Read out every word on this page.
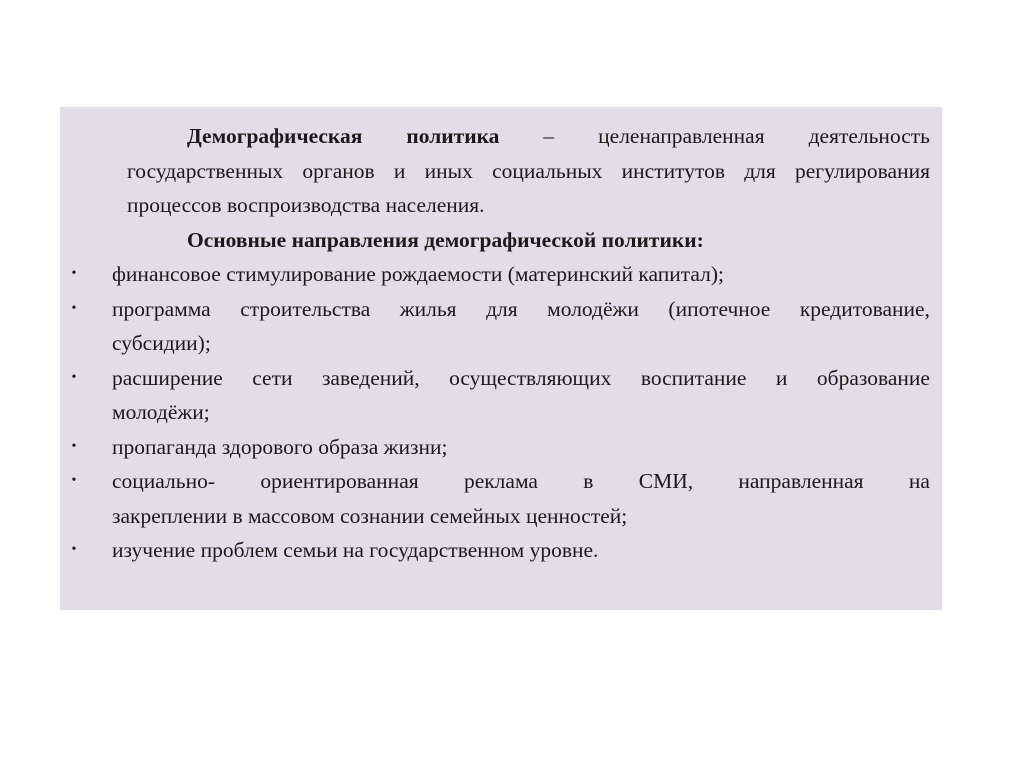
Демографическая политика – целенаправленная деятельность
государственных органов и иных социальных институтов для регулирования
процессов воспроизводства населения.
Основные направления демографической политики:
• финансовое стимулирование рождаемости (материнский капитал);
• программа строительства жилья для молодёжи (ипотечное кредитование,
субсидии);
• расширение сети заведений, осуществляющих воспитание и образование
молодёжи;
• пропаганда здорового образа жизни;
• социально- ориентированная реклама в СМИ, направленная на
закреплении в массовом сознании семейных ценностей;
• изучение проблем семьи на государственном уровне.
